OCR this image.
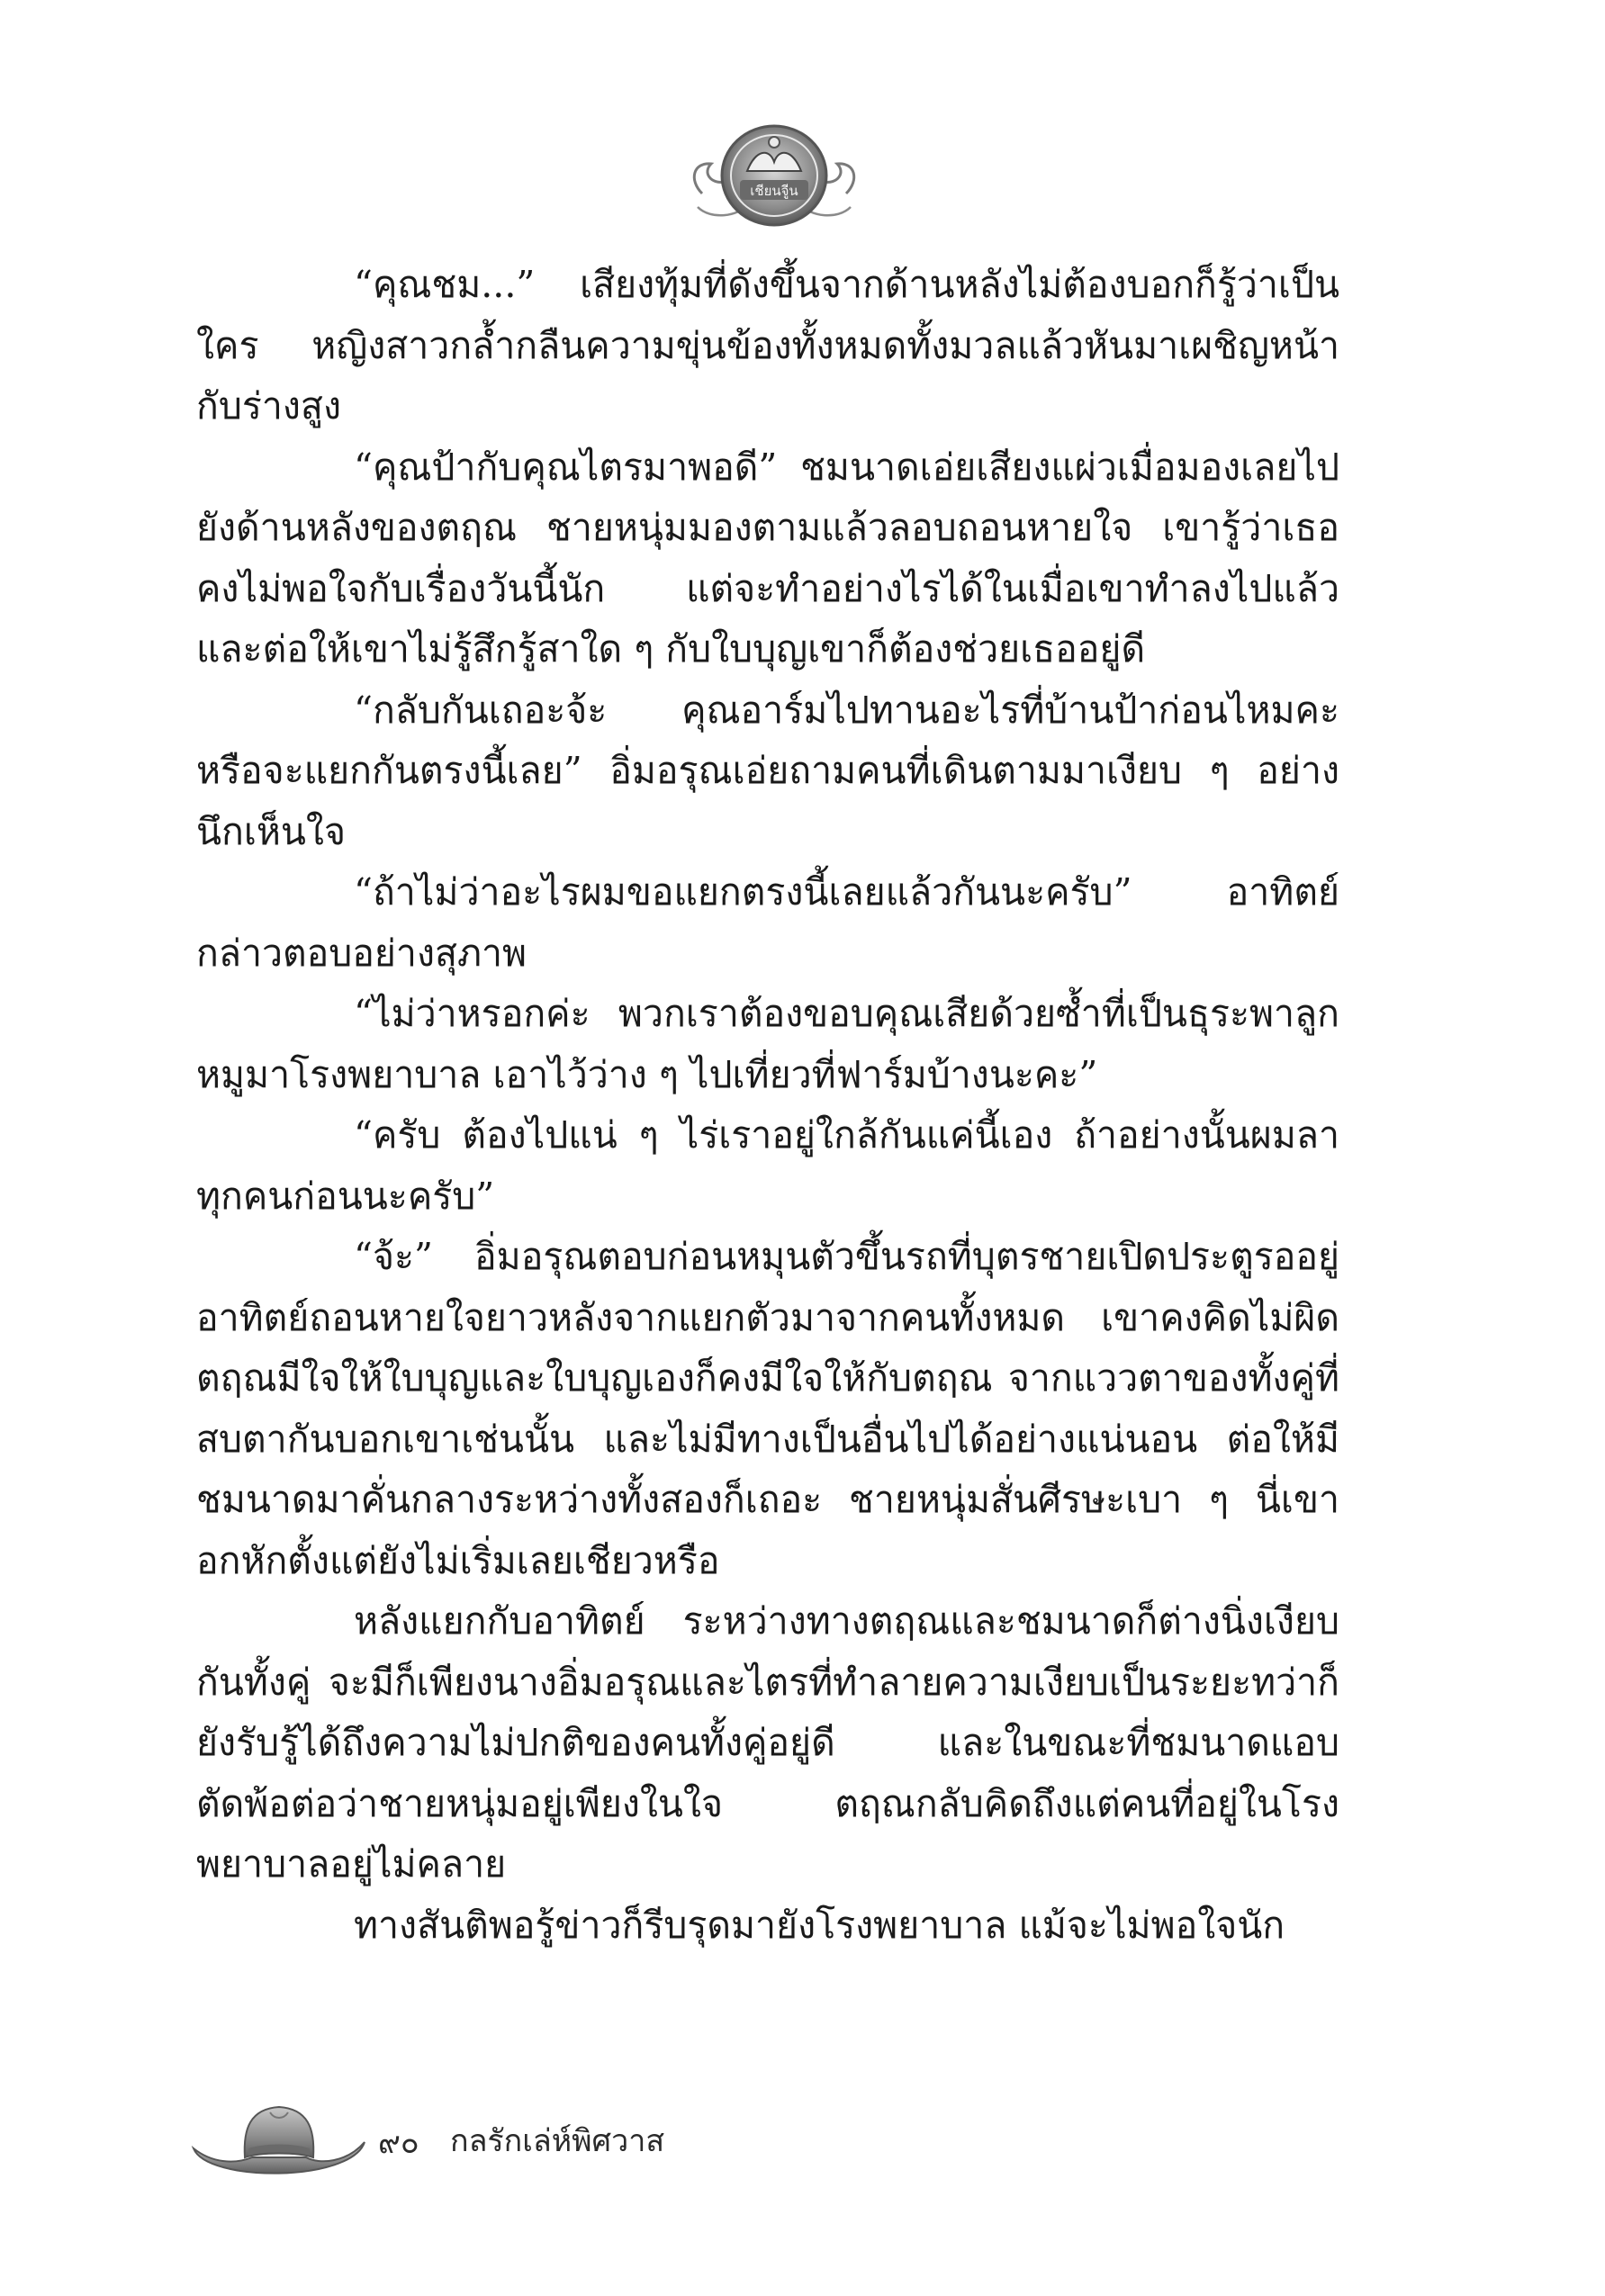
เชียนจูีน

“คุณชม...” เสียงทุ้มที่ดังขึ้นจากด้านหลังไม่ต้องบอกก็รู้ว่าเป็นใคร หญิงสาวกล้ำกลืนความขุ่นข้องทั้งหมดทั้งมวลแล้วหันมาเผชิญหน้ากับร่างสูง

“คุณป้ากับคุณไตรมาพอดี” ชมนาดเอ่ยเสียงแผ่วเมื่อมองเลยไปยังด้านหลังของตฤณ ชายหนุ่มมองตามแล้วลอบถอนหายใจ เขารู้ว่าเธอคงไม่พอใจกับเรื่องวันนี้นัก แต่จะทำอย่างไรได้ในเมื่อเขาทำลงไปแล้ว และต่อให้เขาไม่รู้สึกรู้สาใด ๆ กับใบบุญเขาก็ต้องช่วยเธออยู่ดี

“กลับกันเถอะจ้ะ คุณอาร์มไปทานอะไรที่บ้านป้าก่อนไหมคะหรือจะแยกกันตรงนี้เลย” อิ่มอรุณเอ่ยถามคนที่เดินตามมาเงียบ ๆ อย่างนึกเห็นใจ

“ถ้าไม่ว่าอะไรผมขอแยกตรงนี้เลยแล้วกันนะครับ” อาทิตย์กล่าวตอบอย่างสุภาพ

“ไม่ว่าหรอกค่ะ พวกเราต้องขอบคุณเสียด้วยซ้ำที่เป็นธุระพาลูกหมูมาโรงพยาบาล เอาไว้ว่าง ๆ ไปเที่ยวที่ฟาร์มบ้างนะคะ”

“ครับ ต้องไปแน่ ๆ ไร่เราอยู่ใกล้กันแค่นี้เอง ถ้าอย่างนั้นผมลาทุกคนก่อนนะครับ”

“จ้ะ” อิ่มอรุณตอบก่อนหมุนตัวขึ้นรถที่บุตรชายเปิดประตูรออยู่ อาทิตย์ถอนหายใจยาวหลังจากแยกตัวมาจากคนทั้งหมด เขาคงคิดไม่ผิด ตฤณมีใจให้ใบบุญและใบบุญเองก็คงมีใจให้กับตฤณ จากแววตาของทั้งคู่ที่สบตากันบอกเขาเช่นนั้น และไม่มีทางเป็นอื่นไปได้อย่างแน่นอน ต่อให้มีชมนาดมาคั่นกลางระหว่างทั้งสองก็เถอะ ชายหนุ่มสั่นศีรษะเบา ๆ นี่เขาอกหักตั้งแต่ยังไม่เริ่มเลยเชียวหรือ

หลังแยกกับอาทิตย์ ระหว่างทางตฤณและชมนาดก็ต่างนิ่งเงียบกันทั้งคู่ จะมีก็เพียงนางอิ่มอรุณและไตรที่ทำลายความเงียบเป็นระยะทว่าก็ยังรับรู้ได้ถึงความไม่ปกติของคนทั้งคู่อยู่ดี และในขณะที่ชมนาดแอบตัดพ้อต่อว่าชายหนุ่มอยู่เพียงในใจ ตฤณกลับคิดถึงแต่คนที่อยู่ในโรงพยาบาลอยู่ไม่คลาย

ทางสันติพอรู้ข่าวก็รีบรุดมายังโรงพยาบาล แม้จะไม่พอใจนัก

๙๐ กลรักเล่ห์พิศวาส
